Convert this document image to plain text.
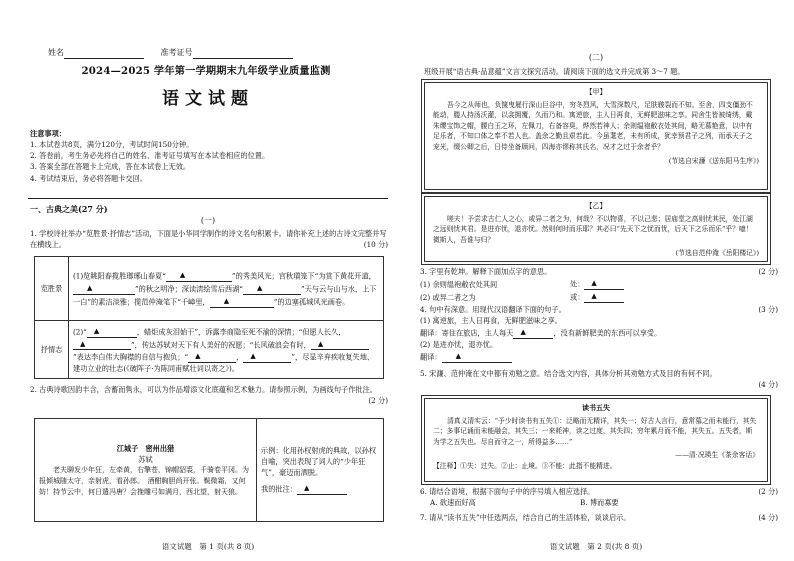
姓名	准考证号
2024—2025 学年第一学期期末九年级学业质量监测
语文试题
注意事项：
1. 本试卷共8页，满分120分，考试时间150分钟。
2. 答卷前，考生务必先将自己的姓名、准考证号填写在本试卷相应的位置。
3. 答案全部在答题卡上完成，答在本试卷上无效。
4. 考试结束后，务必将答题卡交回。
一、古典之美(27 分)
(一)
1. 学校诗社举办“览胜景·抒情志”活动，下面是小华同学制作的诗文名句积累卡。请你补充上述的古诗文完整并写在横线上。	(10 分)
览胜景	(1)览眺阳春揽胜瑯琊山春夏“　　▲　　 ”的秀美风光；宫秋瓆笼下“为赏下黄花开道，　　▲　　 ”的秋之明净；深读淸绘雪后西湖“　　▲　　 ”天与云与山与水，上下一白”的素洁淡雅；揽范仲淹笔下“千嶂里，　　▲　　 ”的边塞孤城风光画卷。
抒情志	(2)“　▲　 ，蜡炬成灰泪始干”，诉露李商隐至死不渝的深情；“但愿人长久，　▲　 ”，传达苏轼对天下有人美好的祝愿；“长风破浪会有时，　▲　”表达李白伟大胸襟的自信与抱负；“　▲　 ，　▲　 ”，尽显辛弃疾收复失地、建功立业的壮志(《破阵子·为陈同甫赋壮词以寄之》)。
2. 古典诗歌因韵丰含，含蓄而隽永，可以为作品增添文化底蕴和艺术魅力。请参照示例，为画线句子作批注。
(2 分)
江城子　密州出猎
苏轼
老夫聊发少年狂，左牵黄，右擎苍，锦帽貂裘，千骑卷平冈。为报倾城随太守，亲射虎，看孙郎。　酒酣胸胆尚开张。鬓微霜，又何妨！持节云中，何日遣冯唐？会挽雕弓如满月，西北望，射天狼。

示例：化用孙权射虎的典故，以孙权自喻，突出表现了词人的“少年狂气”，豪迈而洒脱。
我的批注：　▲　
语文试题　第 1 页(共 8 页)
(二)
班级开展“语古典·品意蕴”文言文探究活动。请阅读下面的选文并完成第 3～7 题。
【甲】
吾今之从师也，负箧曳屣行深山巨谷中，穷冬烈风，大雪深数尺，足肤皲裂而不知。至舍，四支僵劲不能动，媵人持汤沃灌，以衾拥覆，久而乃和。寓逆旅，主人日再食，无鲜肥滋味之享。同舍生皆被绮绣，戴朱缨宝饰之帽，腰白玉之环，左佩刀，右备容臭，烨然若神人；余则缊袍敝衣处其间，略无慕艳意，以中有足乐者，不知口体之奉不若人也。盖余之勤且艰若此。今虽耄老，未有所成，犹幸预君子之列，而承天子之宠光，缀公卿之后，日侍坐备顾问，四海亦谬称其氏名，况才之过于余者乎？
(节选自宋濂《送东阳马生序》)
【乙】
嗟夫！予尝求古仁人之心，或异二者之为，何哉？不以物喜，不以己悲；居庙堂之高则忧其民，处江湖之远则忧其君。是进亦忧，退亦忧。然则何时而乐耶？其必曰“先天下之忧而忧，后天下之乐而乐”乎？噫！微斯人，吾谁与归？
(节选自范仲淹《岳阳楼记》)
3. 字里有乾坤。解释下面加点字的意思。	(2 分)
(1) 余则缊袍敝衣处其间	处：　▲　
(2) 或异二者之为	或：　▲　
4. 句中有深意。用现代汉语翻译下面的句子。	(3 分)
(1) 寓逆旅，主人日再食，无鲜肥滋味之享。
翻译：寄住在旅店，主人每天　▲　	，没有新鲜肥美的东西可以享受。
(2) 是进亦忧，退亦忧。
翻译：　　▲　　
5. 宋濂、范仲淹在文中都有劝勉之意。结合选文内容，具体分析其劝勉方式及目的有何不同。
(4 分)
读书五失
清真义清实云：“予少时读书有五失①：泛略而无精详，其失一；好古人言行，意常慕之而未能行，其失二；多事记诵而未能融会，其失三；一来耗神，读之过度，其失四；穷年累月而不能，其失五。五失者，斯为学之五失也。尽自而守之一，所得益多……”
——清·况瑛生《茶余客话》
【注释】①失：过失。②止：止境。③不能：此指不能精进。
6. 请结合语境，根据下面句子中的序号填入相应选择。	(2 分)
A. 欲速而好高	B. 博而寡要
7. 请从“读书五失”中任选两点，结合自己的生活体验，谈谈启示。	(4 分)
语文试题　第 2 页(共 8 页)
